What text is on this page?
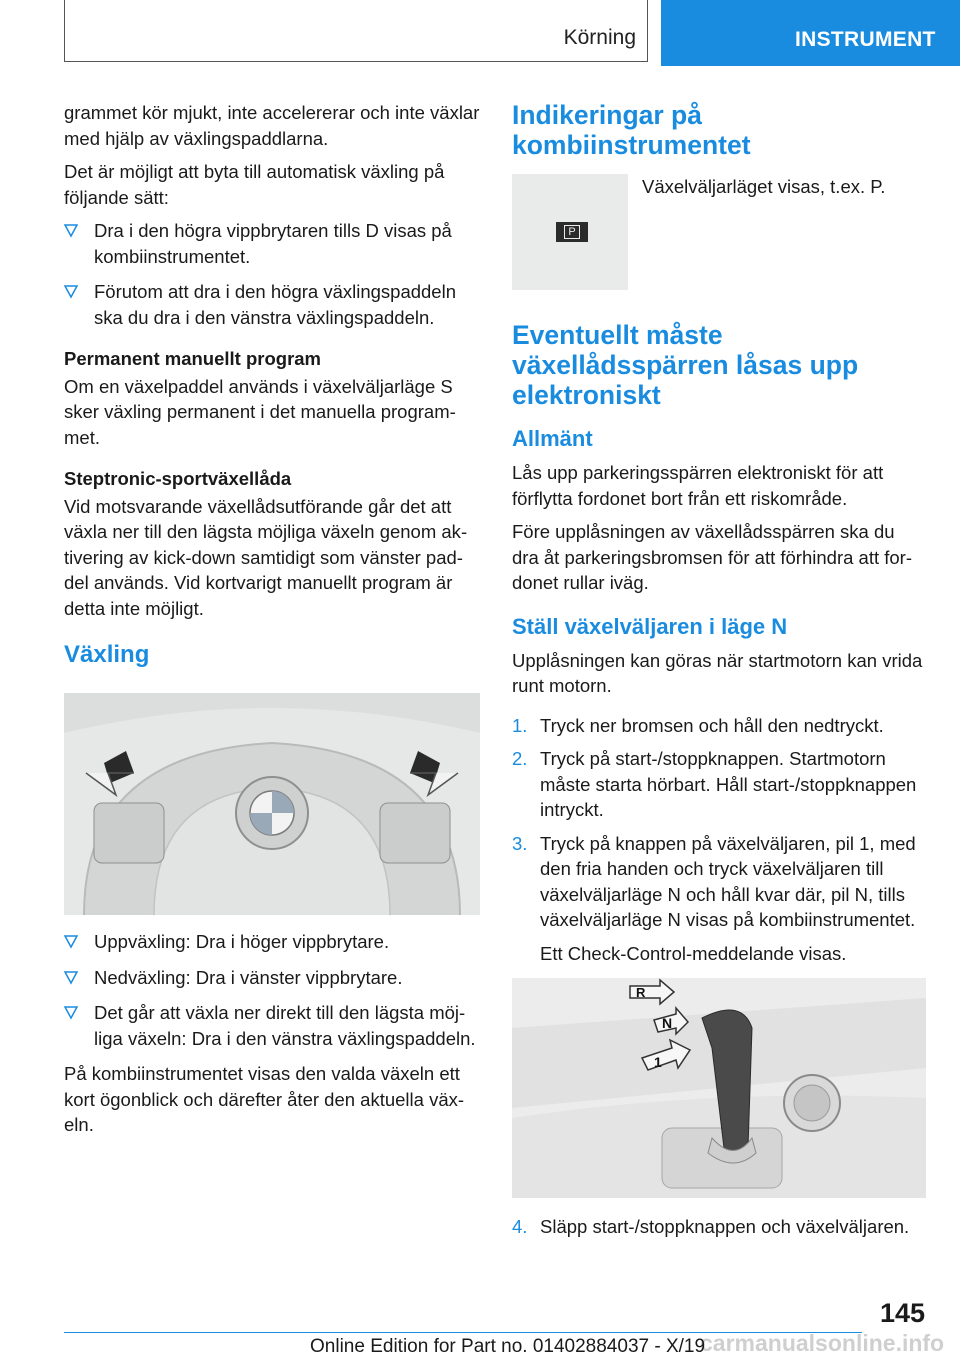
Körning	INSTRUMENT

grammet kör mjukt, inte accelererar och inte växlar med hjälp av växlingspaddlarna.

Det är möjligt att byta till automatisk växling på följande sätt:

Dra i den högra vippbrytaren tills D visas på kombiinstrumentet.
Förutom att dra i den högra växlingspaddeln ska du dra i den vänstra växlingspaddeln.
Permanent manuellt program

Om en växelpaddel används i växelväljarläge S sker växling permanent i det manuella programmet.

Steptronic-sportväxellåda

Vid motsvarande växellådsutförande går det att växla ner till den lägsta möjliga växeln genom aktivering av kick-down samtidigt som vänster paddel används. Vid kortvarigt manuellt program är detta inte möjligt.

Växling
Uppväxling: Dra i höger vippbrytare.
Nedväxling: Dra i vänster vippbrytare.
Det går att växla ner direkt till den lägsta möjliga växeln: Dra i den vänstra växlingspaddeln.

På kombiinstrumentet visas den valda växeln ett kort ögonblick och därefter åter den aktuella växeln.

Indikeringar på kombiinstrumentet
P
Växelväljarläget visas, t.ex. P.
Eventuellt måste växellådsspärren låsas upp elektroniskt
Allmänt

Lås upp parkeringsspärren elektroniskt för att förflytta fordonet bort från ett riskområde.

Före upplåsningen av växellådsspärren ska du dra åt parkeringsbromsen för att förhindra att fordonet rullar iväg.

Ställ växelväljaren i läge N

Upplåsningen kan göras när startmotorn kan vrida runt motorn.

1. Tryck ner bromsen och håll den nedtryckt.
2. Tryck på start-/stoppknappen. Startmotorn måste starta hörbart. Håll start-/stoppknappen intryckt.
3. Tryck på knappen på växelväljaren, pil 1, med den fria handen och tryck växelväljaren till växelväljarläge N och håll kvar där, pil N, tills växelväljarläge N visas på kombiinstrumentet.
Ett Check-Control-meddelande visas.
R
N
1
4. Släpp start-/stoppknappen och växelväljaren.
145
carmanualsonline.info
Online Edition for Part no. 01402884037 - X/19
